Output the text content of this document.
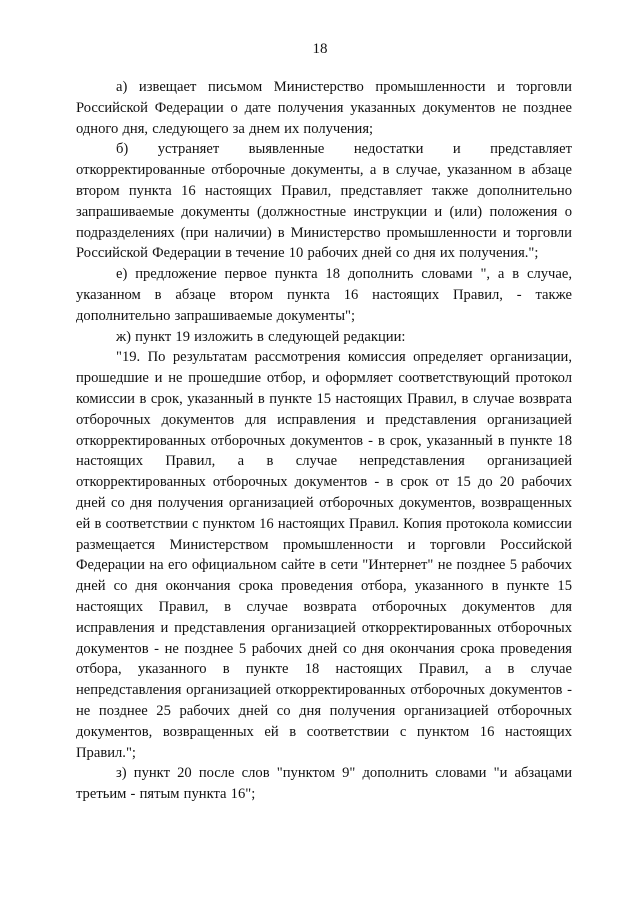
18

а) извещает письмом Министерство промышленности и торговли Российской Федерации о дате получения указанных документов не позднее одного дня, следующего за днем их получения;

б) устраняет выявленные недостатки и представляет откорректированные отборочные документы, а в случае, указанном в абзаце втором пункта 16 настоящих Правил, представляет также дополнительно запрашиваемые документы (должностные инструкции и (или) положения о подразделениях (при наличии) в Министерство промышленности и торговли Российской Федерации в течение 10 рабочих дней со дня их получения.";

е) предложение первое пункта 18 дополнить словами ", а в случае, указанном в абзаце втором пункта 16 настоящих Правил, - также дополнительно запрашиваемые документы";

ж) пункт 19 изложить в следующей редакции:

"19. По результатам рассмотрения комиссия определяет организации, прошедшие и не прошедшие отбор, и оформляет соответствующий протокол комиссии в срок, указанный в пункте 15 настоящих Правил, в случае возврата отборочных документов для исправления и представления организацией откорректированных отборочных документов - в срок, указанный в пункте 18 настоящих Правил, а в случае непредставления организацией откорректированных отборочных документов - в срок от 15 до 20 рабочих дней со дня получения организацией отборочных документов, возвращенных ей в соответствии с пунктом 16 настоящих Правил. Копия протокола комиссии размещается Министерством промышленности и торговли Российской Федерации на его официальном сайте в сети "Интернет" не позднее 5 рабочих дней со дня окончания срока проведения отбора, указанного в пункте 15 настоящих Правил, в случае возврата отборочных документов для исправления и представления организацией откорректированных отборочных документов - не позднее 5 рабочих дней со дня окончания срока проведения отбора, указанного в пункте 18 настоящих Правил, а в случае непредставления организацией откорректированных отборочных документов - не позднее 25 рабочих дней со дня получения организацией отборочных документов, возвращенных ей в соответствии с пунктом 16 настоящих Правил.";

з) пункт 20 после слов "пунктом 9" дополнить словами "и абзацами третьим - пятым пункта 16";
